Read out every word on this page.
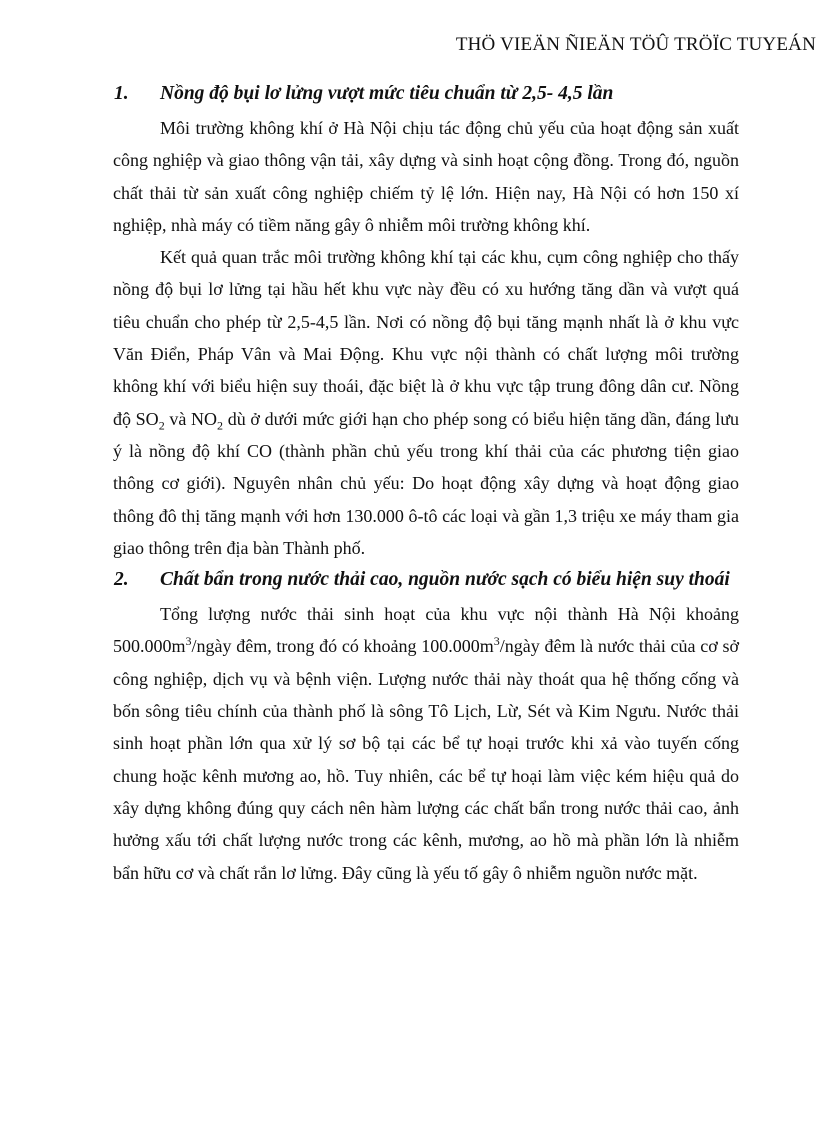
THÖ VIEÄN ÑIEÄN TÖÛ TRÖÏC TUYEÁN
1. Nồng độ bụi lơ lửng vượt mức tiêu chuẩn từ 2,5- 4,5 lần

Môi trường không khí ở Hà Nội chịu tác động chủ yếu của hoạt động sản xuất công nghiệp và giao thông vận tải, xây dựng và sinh hoạt cộng đồng. Trong đó, nguồn chất thải từ sản xuất công nghiệp chiếm tỷ lệ lớn. Hiện nay, Hà Nội có hơn 150 xí nghiệp, nhà máy có tiềm năng gây ô nhiễm môi trường không khí.

Kết quả quan trắc môi trường không khí tại các khu, cụm công nghiệp cho thấy nồng độ bụi lơ lửng tại hầu hết khu vực này đều có xu hướng tăng dần và vượt quá tiêu chuẩn cho phép từ 2,5-4,5 lần. Nơi có nồng độ bụi tăng mạnh nhất là ở khu vực Văn Điển, Pháp Vân và Mai Động. Khu vực nội thành có chất lượng môi trường không khí với biểu hiện suy thoái, đặc biệt là ở khu vực tập trung đông dân cư. Nồng độ $SO_2$ và $NO_2$ dù ở dưới mức giới hạn cho phép song có biểu hiện tăng dần, đáng lưu ý là nồng độ khí CO (thành phần chủ yếu trong khí thải của các phương tiện giao thông cơ giới). Nguyên nhân chủ yếu: Do hoạt động xây dựng và hoạt động giao thông đô thị tăng mạnh với hơn 130.000 ô-tô các loại và gần 1,3 triệu xe máy tham gia giao thông trên địa bàn Thành phố.

2. Chất bẩn trong nước thải cao, nguồn nước sạch có biểu hiện suy thoái

Tổng lượng nước thải sinh hoạt của khu vực nội thành Hà Nội khoảng $500.000m^3$/ngày đêm, trong đó có khoảng $100.000m^3$/ngày đêm là nước thải của cơ sở công nghiệp, dịch vụ và bệnh viện. Lượng nước thải này thoát qua hệ thống cống và bốn sông tiêu chính của thành phố là sông Tô Lịch, Lừ, Sét và Kim Ngưu. Nước thải sinh hoạt phần lớn qua xử lý sơ bộ tại các bể tự hoại trước khi xả vào tuyến cống chung hoặc kênh mương ao, hồ. Tuy nhiên, các bể tự hoại làm việc kém hiệu quả do xây dựng không đúng quy cách nên hàm lượng các chất bẩn trong nước thải cao, ảnh hưởng xấu tới chất lượng nước trong các kênh, mương, ao hồ mà phần lớn là nhiễm bẩn hữu cơ và chất rắn lơ lửng. Đây cũng là yếu tố gây ô nhiễm nguồn nước mặt.
